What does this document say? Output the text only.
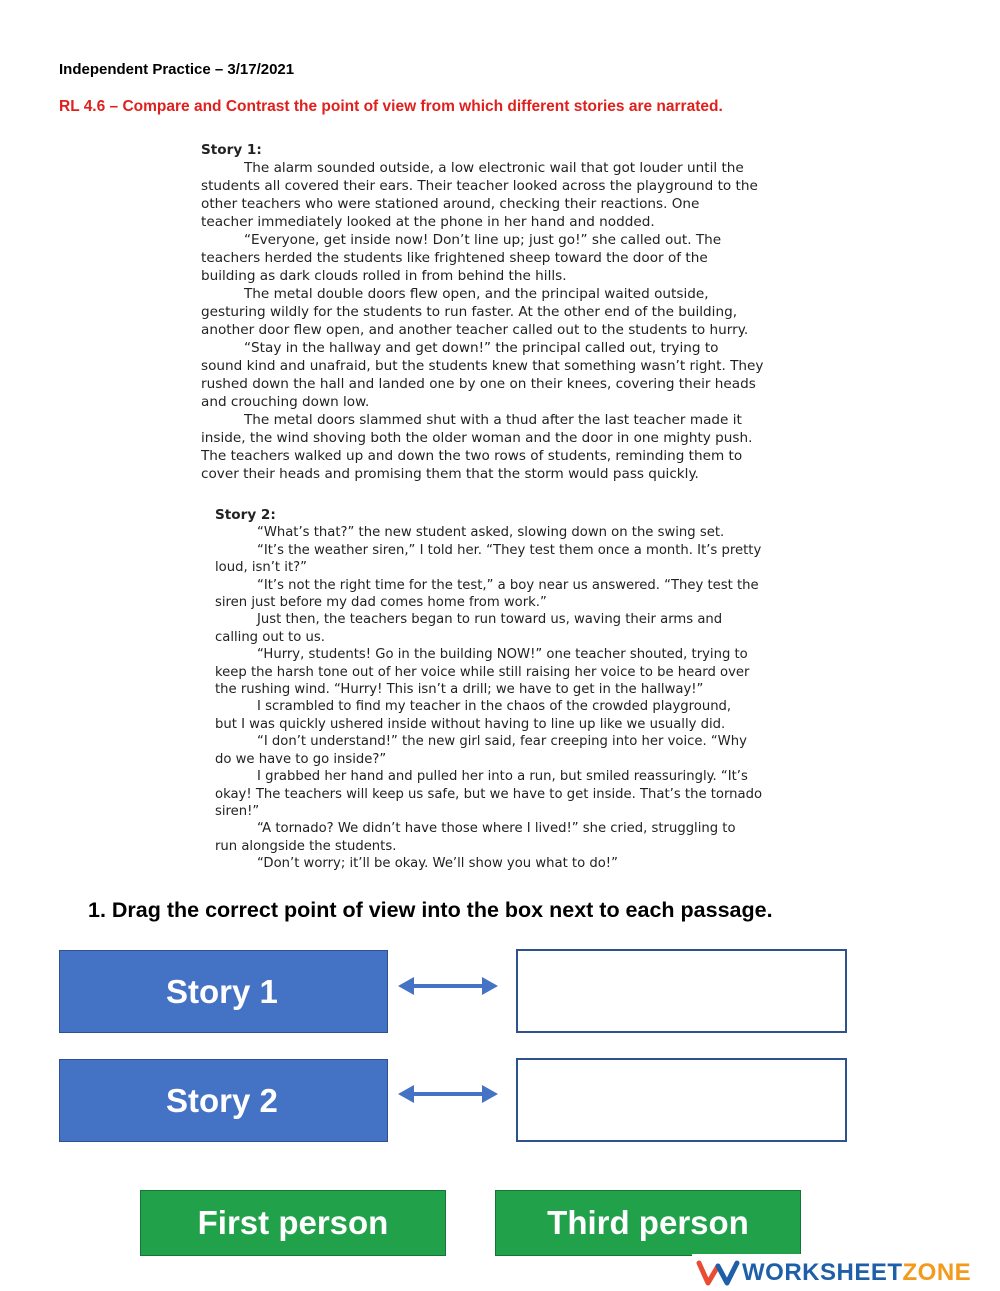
Independent Practice – 3/17/2021
RL 4.6 – Compare and Contrast the point of view from which different stories are narrated.
Story 1:
The alarm sounded outside, a low electronic wail that got louder until the
students all covered their ears. Their teacher looked across the playground to the
other teachers who were stationed around, checking their reactions. One
teacher immediately looked at the phone in her hand and nodded.
“Everyone, get inside now! Don’t line up; just go!” she called out. The
teachers herded the students like frightened sheep toward the door of the
building as dark clouds rolled in from behind the hills.
The metal double doors flew open, and the principal waited outside,
gesturing wildly for the students to run faster. At the other end of the building,
another door flew open, and another teacher called out to the students to hurry.
“Stay in the hallway and get down!” the principal called out, trying to
sound kind and unafraid, but the students knew that something wasn’t right. They
rushed down the hall and landed one by one on their knees, covering their heads
and crouching down low.
The metal doors slammed shut with a thud after the last teacher made it
inside, the wind shoving both the older woman and the door in one mighty push.
The teachers walked up and down the two rows of students, reminding them to
cover their heads and promising them that the storm would pass quickly.
Story 2:
“What’s that?” the new student asked, slowing down on the swing set.
“It’s the weather siren,” I told her. “They test them once a month. It’s pretty
loud, isn’t it?”
“It’s not the right time for the test,” a boy near us answered. “They test the
siren just before my dad comes home from work.”
Just then, the teachers began to run toward us, waving their arms and
calling out to us.
“Hurry, students! Go in the building NOW!” one teacher shouted, trying to
keep the harsh tone out of her voice while still raising her voice to be heard over
the rushing wind. “Hurry! This isn’t a drill; we have to get in the hallway!”
I scrambled to find my teacher in the chaos of the crowded playground,
but I was quickly ushered inside without having to line up like we usually did.
“I don’t understand!” the new girl said, fear creeping into her voice. “Why
do we have to go inside?”
I grabbed her hand and pulled her into a run, but smiled reassuringly. “It’s
okay! The teachers will keep us safe, but we have to get inside. That’s the tornado
siren!”
“A tornado? We didn’t have those where I lived!” she cried, struggling to
run alongside the students.
“Don’t worry; it’ll be okay. We’ll show you what to do!”
1. Drag the correct point of view into the box next to each passage.
Story 1
Story 2
First person	Third person
WORKSHEETZONE
